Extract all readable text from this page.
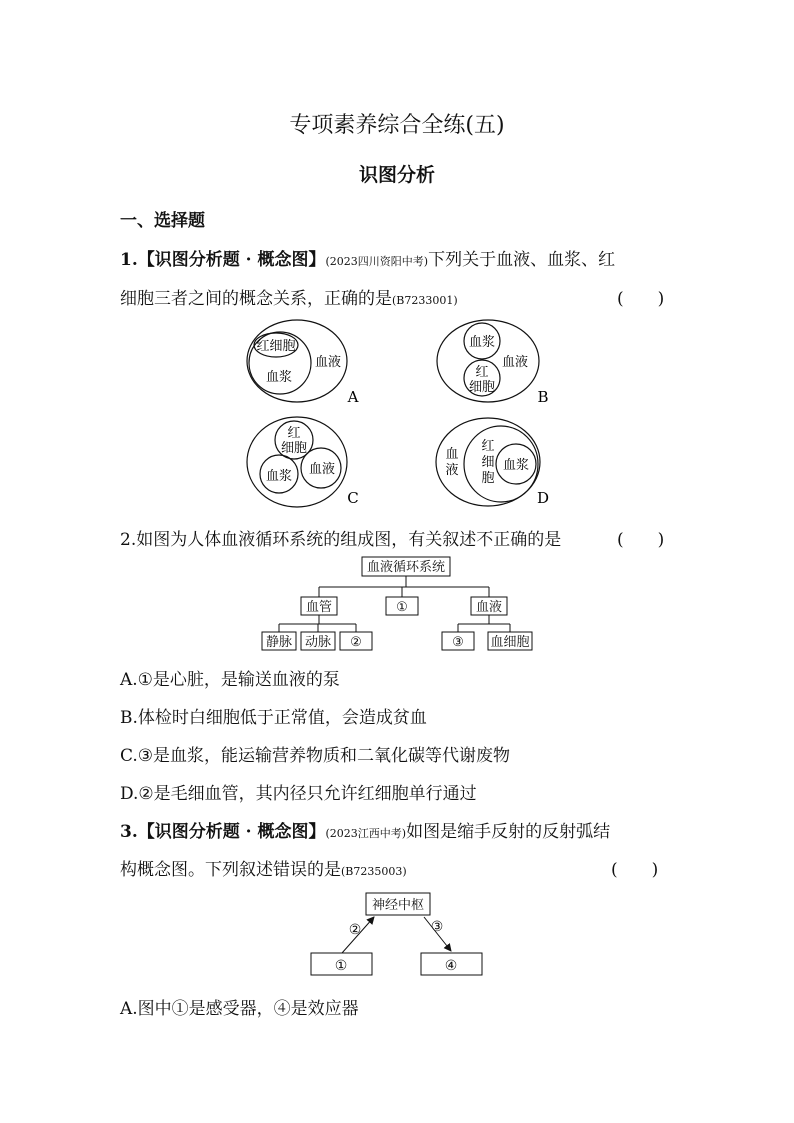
专项素养综合全练(五)
识图分析
一、选择题
1.【识图分析题 · 概念图】(2023四川资阳中考)下列关于血液、血浆、红
细胞三者之间的概念关系，正确的是(B7233001)	(　　)
红细胞
血浆
血液
A
血浆
红
细胞
血液
B
红
细胞
血浆 血液
C
血
液
红
细
胞
血浆
D
血液循环系统
血管	①	血液
静脉 动脉 ②	③ 血细胞
神经中枢
①	④
②	③
2.如图为人体血液循环系统的组成图，有关叙述不正确的是	(　　)
A.①是心脏，是输送血液的泵
B.体检时白细胞低于正常值，会造成贫血
C.③是血浆，能运输营养物质和二氧化碳等代谢废物
D.②是毛细血管，其内径只允许红细胞单行通过
3.【识图分析题 · 概念图】(2023江西中考)如图是缩手反射的反射弧结
构概念图。下列叙述错误的是(B7235003)	(　　)
A.图中①是感受器，④是效应器
